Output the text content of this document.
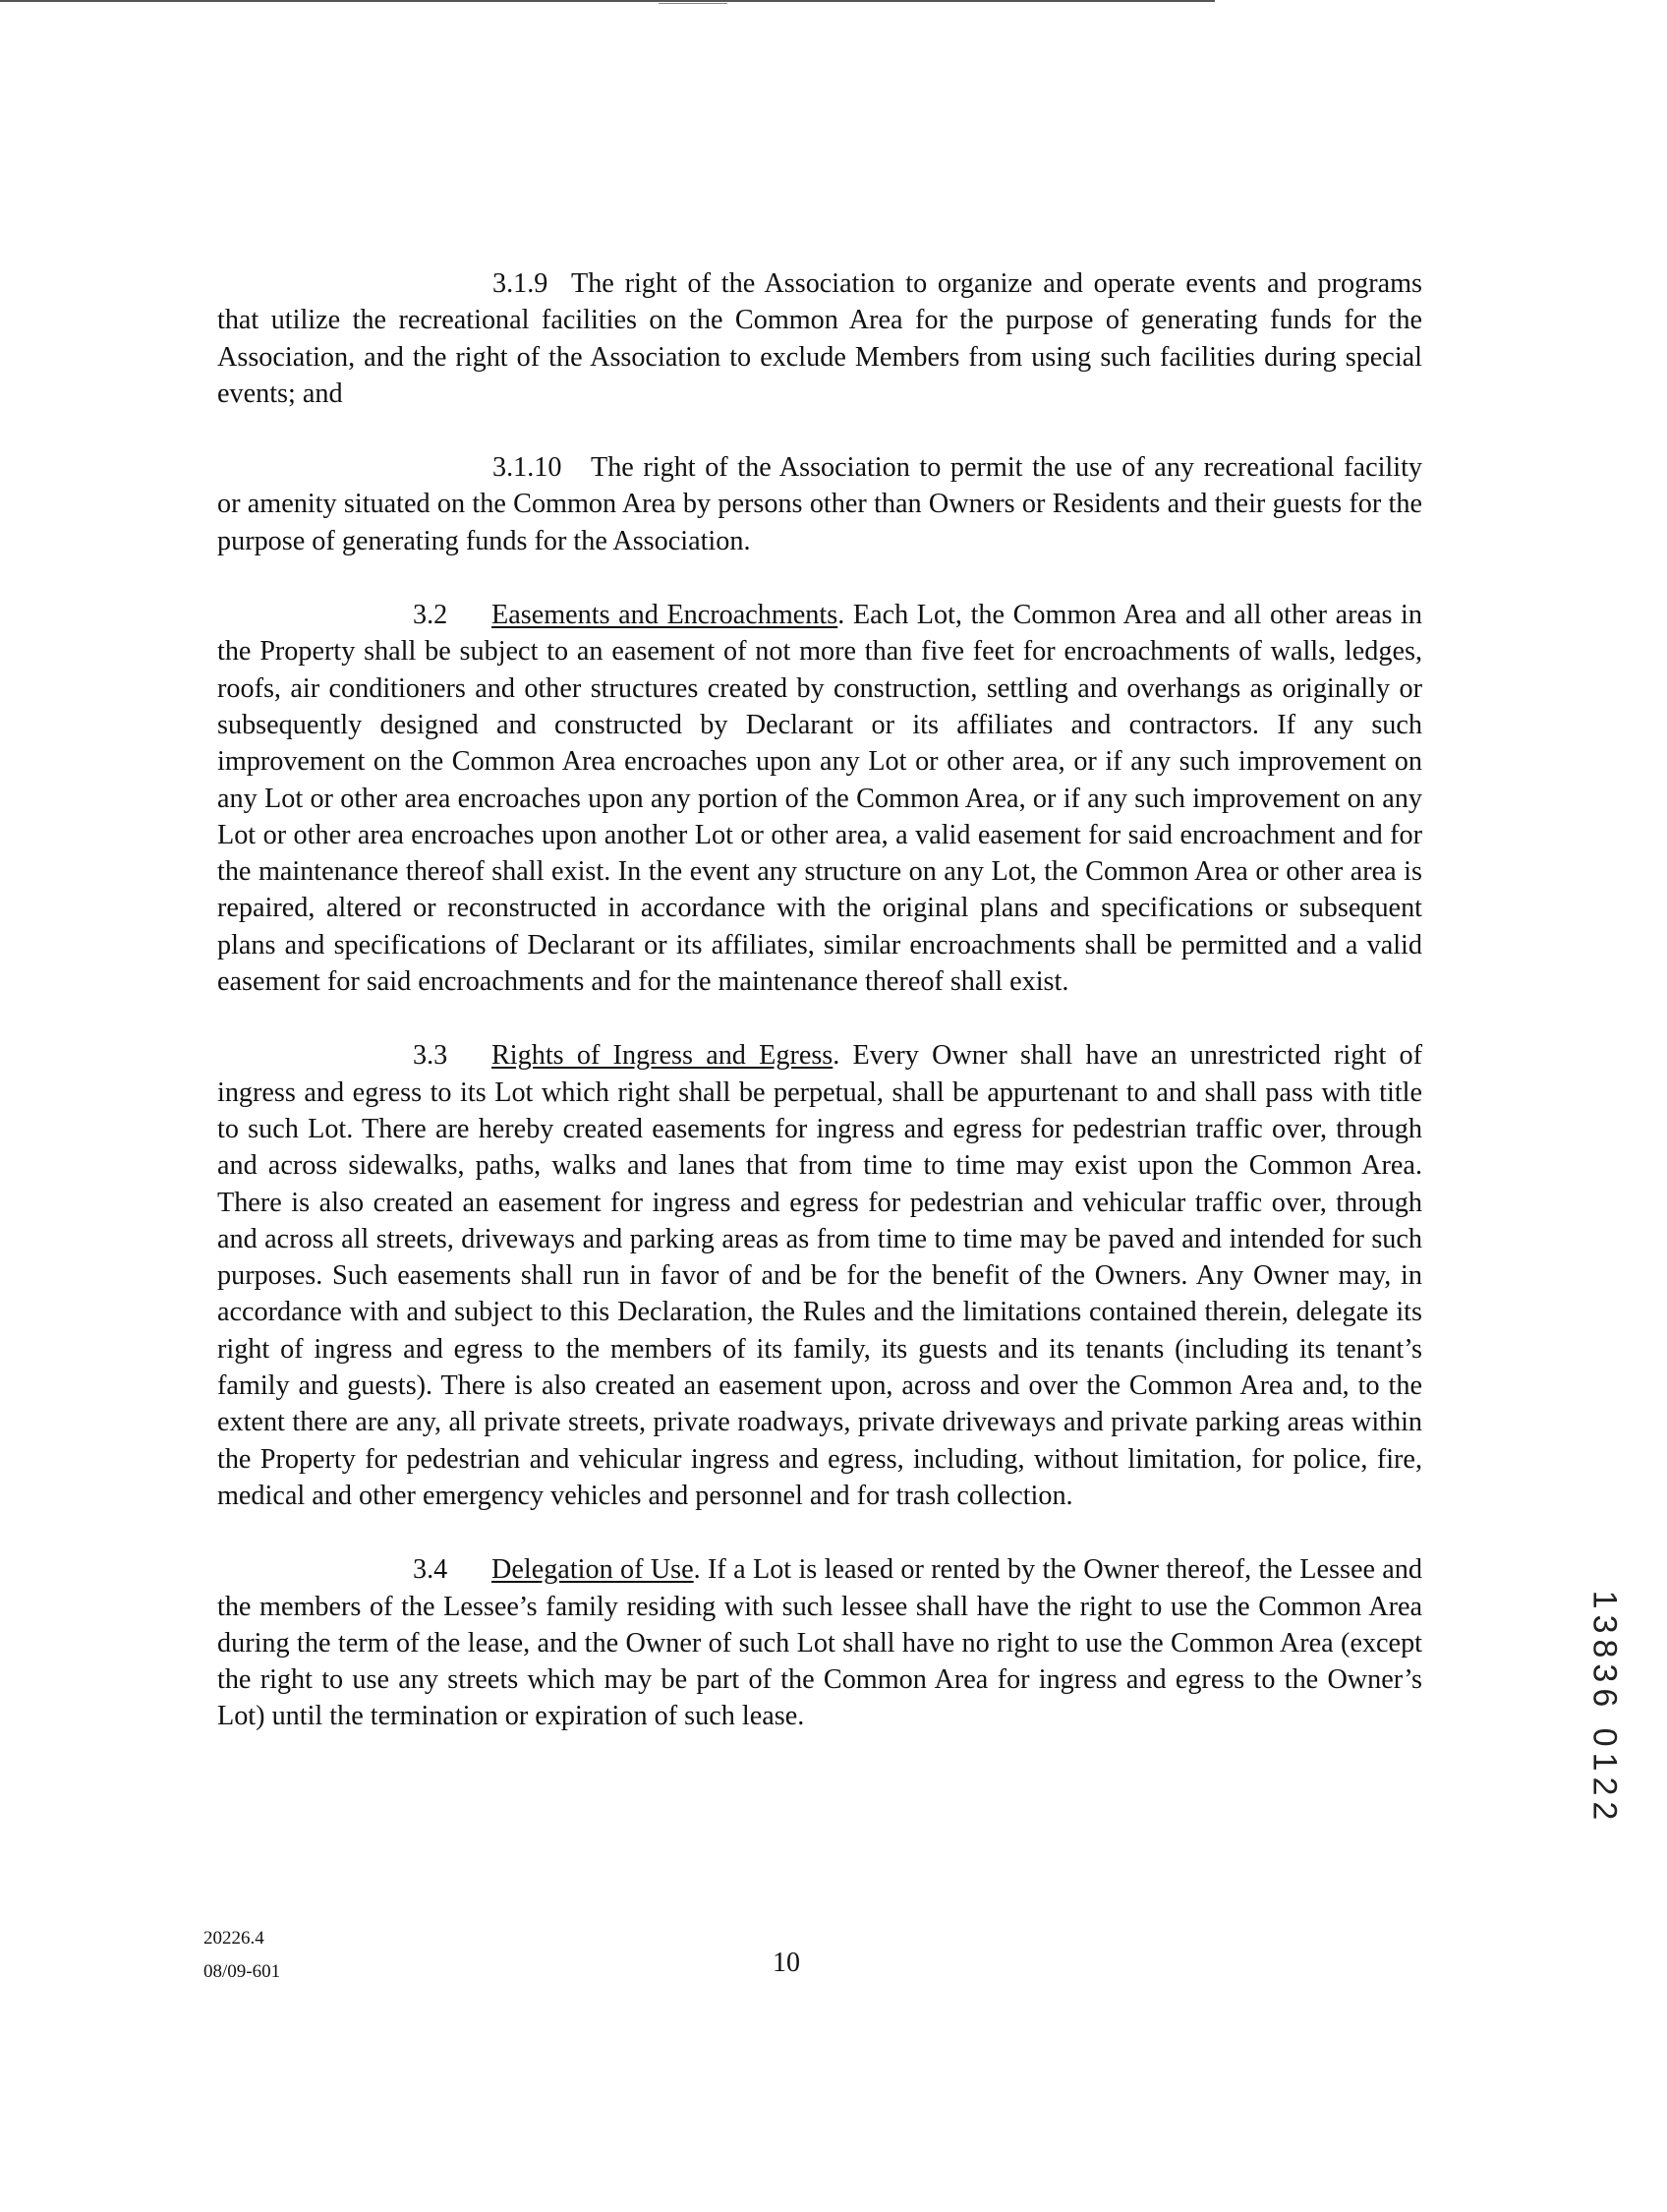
3.1.9 The right of the Association to organize and operate events and programs that utilize the recreational facilities on the Common Area for the purpose of generating funds for the Association, and the right of the Association to exclude Members from using such facilities during special events; and

3.1.10 The right of the Association to permit the use of any recreational facility or amenity situated on the Common Area by persons other than Owners or Residents and their guests for the purpose of generating funds for the Association.

3.2 Easements and Encroachments. Each Lot, the Common Area and all other areas in the Property shall be subject to an easement of not more than five feet for encroachments of walls, ledges, roofs, air conditioners and other structures created by construction, settling and overhangs as originally or subsequently designed and constructed by Declarant or its affiliates and contractors. If any such improvement on the Common Area encroaches upon any Lot or other area, or if any such improvement on any Lot or other area encroaches upon any portion of the Common Area, or if any such improvement on any Lot or other area encroaches upon another Lot or other area, a valid easement for said encroachment and for the maintenance thereof shall exist. In the event any structure on any Lot, the Common Area or other area is repaired, altered or reconstructed in accordance with the original plans and specifications or subsequent plans and specifications of Declarant or its affiliates, similar encroachments shall be permitted and a valid easement for said encroachments and for the maintenance thereof shall exist.

3.3 Rights of Ingress and Egress. Every Owner shall have an unrestricted right of ingress and egress to its Lot which right shall be perpetual, shall be appurtenant to and shall pass with title to such Lot. There are hereby created easements for ingress and egress for pedestrian traffic over, through and across sidewalks, paths, walks and lanes that from time to time may exist upon the Common Area. There is also created an easement for ingress and egress for pedestrian and vehicular traffic over, through and across all streets, driveways and parking areas as from time to time may be paved and intended for such purposes. Such easements shall run in favor of and be for the benefit of the Owners. Any Owner may, in accordance with and subject to this Declaration, the Rules and the limitations contained therein, delegate its right of ingress and egress to the members of its family, its guests and its tenants (including its tenant’s family and guests). There is also created an easement upon, across and over the Common Area and, to the extent there are any, all private streets, private roadways, private driveways and private parking areas within the Property for pedestrian and vehicular ingress and egress, including, without limitation, for police, fire, medical and other emergency vehicles and personnel and for trash collection.

3.4 Delegation of Use. If a Lot is leased or rented by the Owner thereof, the Lessee and the members of the Lessee’s family residing with such lessee shall have the right to use the Common Area during the term of the lease, and the Owner of such Lot shall have no right to use the Common Area (except the right to use any streets which may be part of the Common Area for ingress and egress to the Owner’s Lot) until the termination or expiration of such lease.

20226.4
08/09-601	10
13836 0122
